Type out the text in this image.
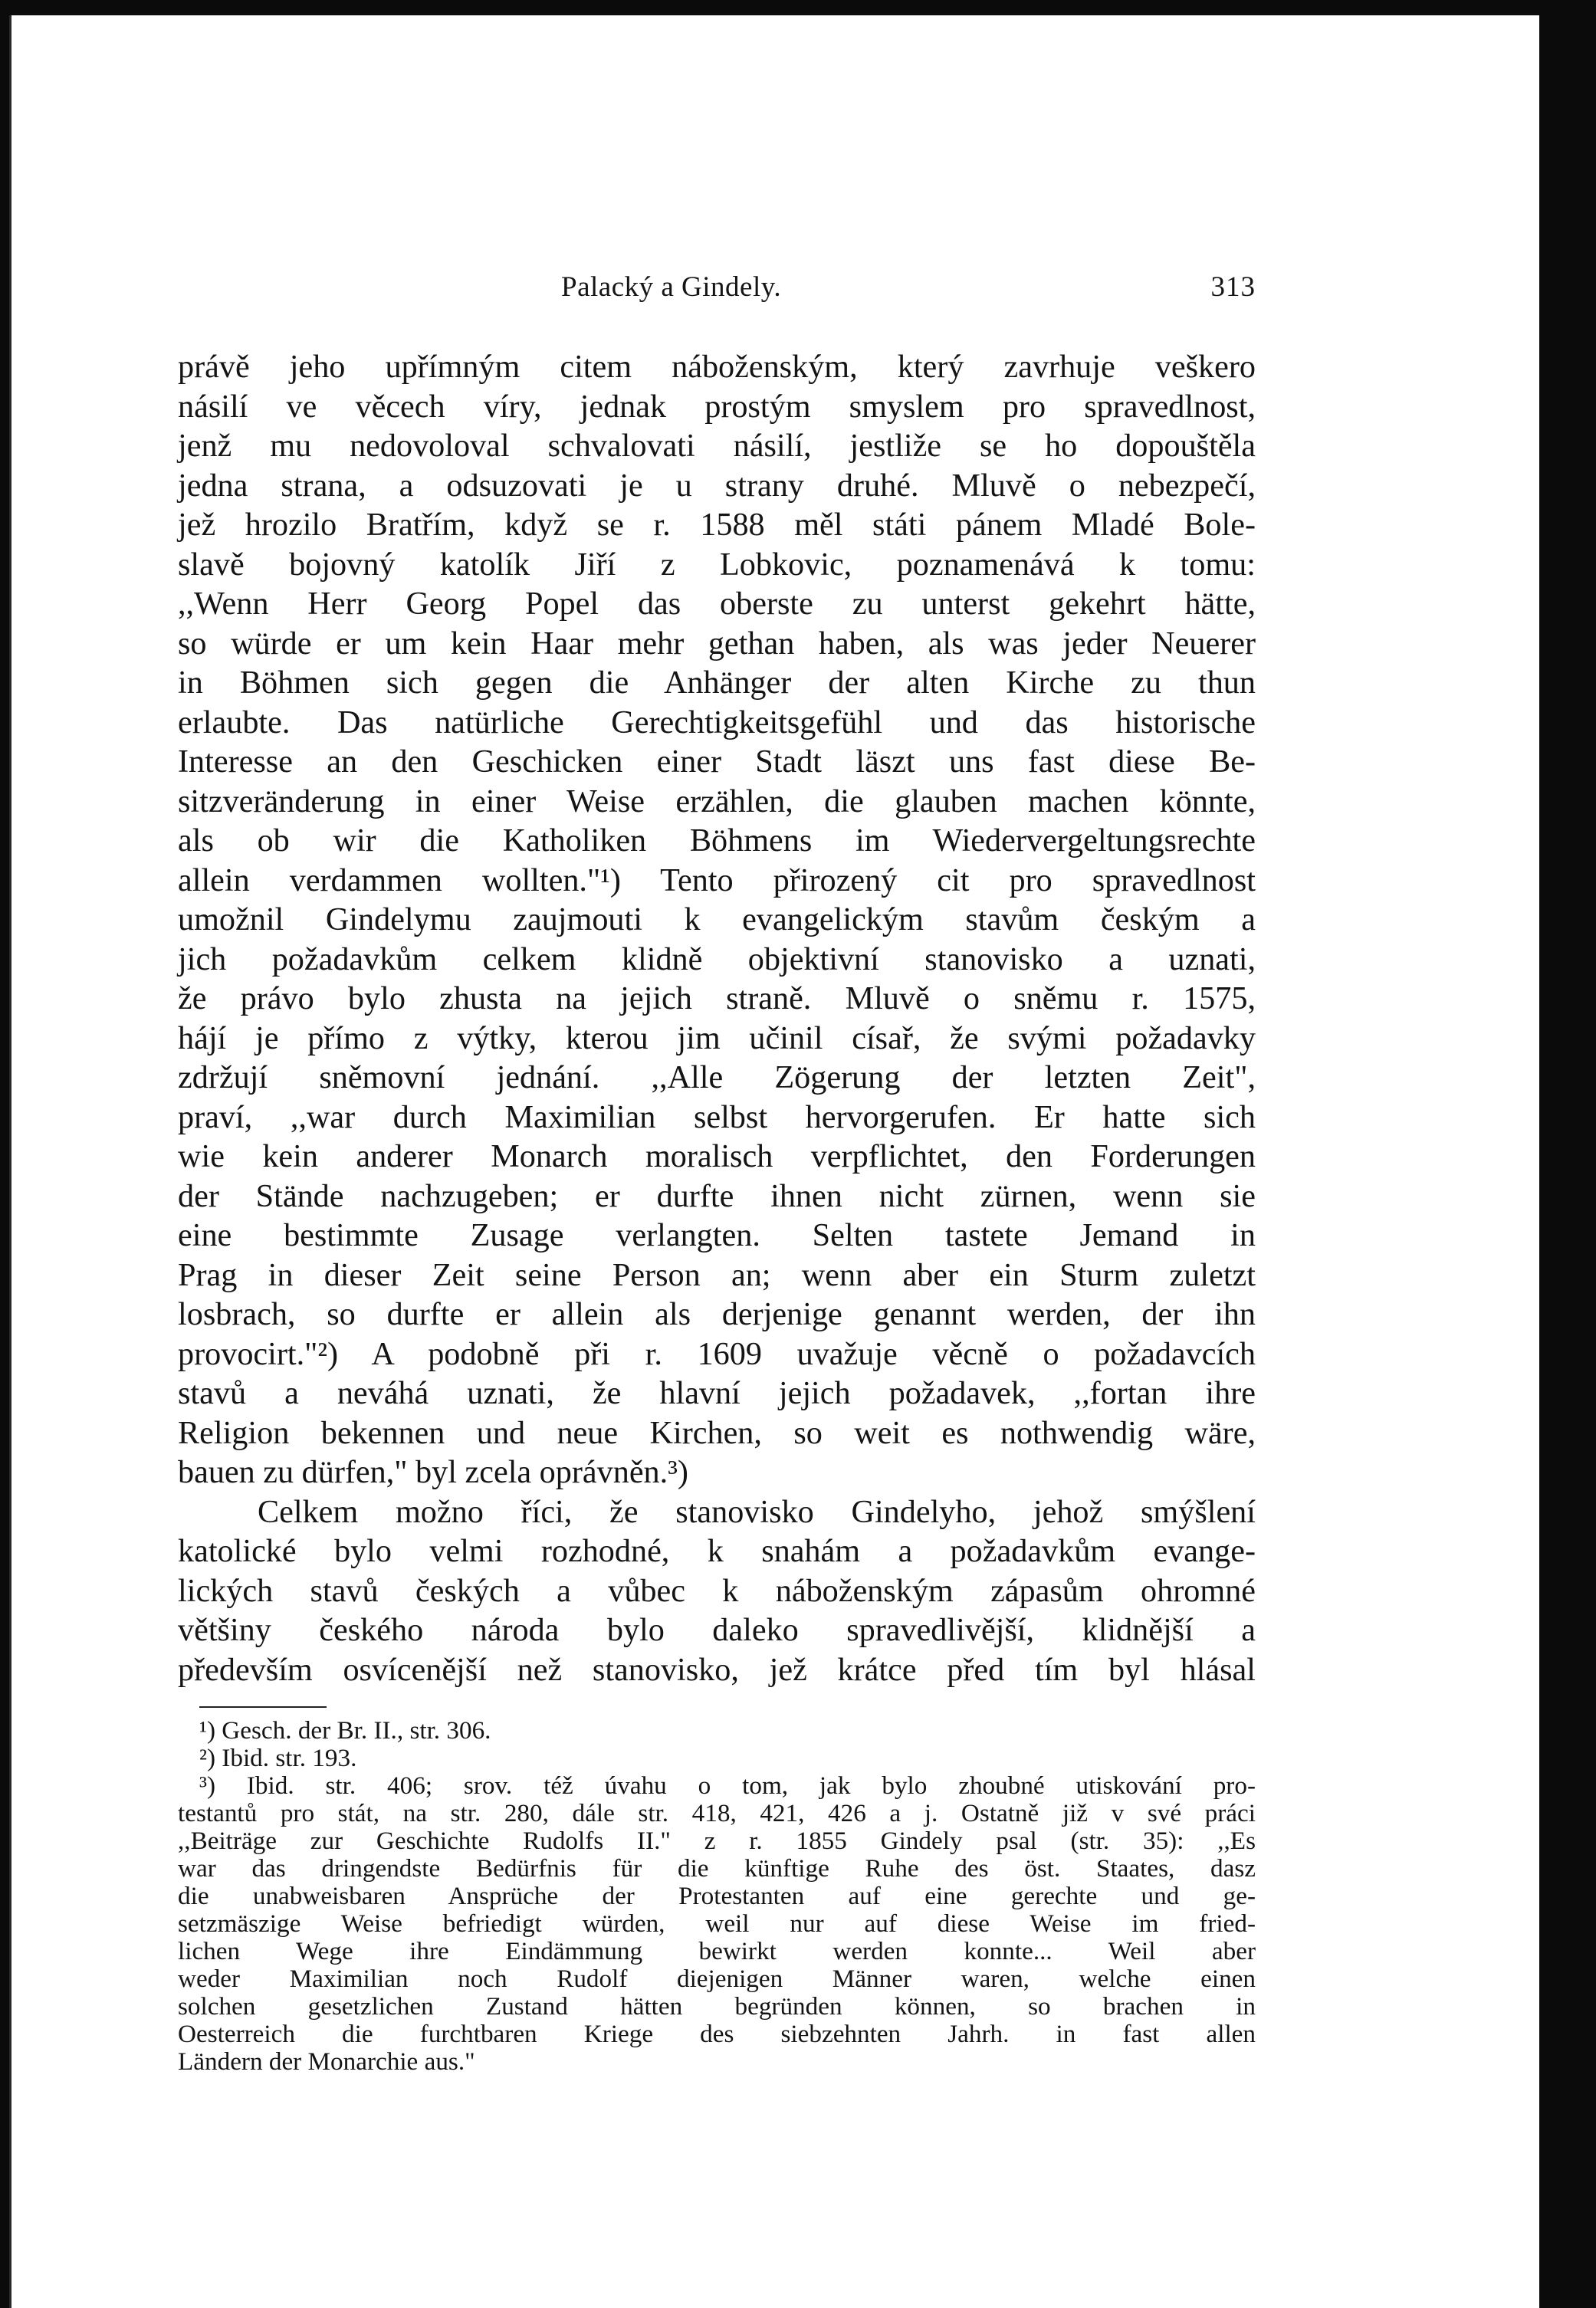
Palacký a Gindely.	313
právě jeho upřímným citem náboženským, který zavrhuje veškero
násilí ve věcech víry, jednak prostým smyslem pro spravedlnost,
jenž mu nedovoloval schvalovati násilí, jestliže se ho dopouštěla
jedna strana, a odsuzovati je u strany druhé. Mluvě o nebezpečí,
jež hrozilo Bratřím, když se r. 1588 měl státi pánem Mladé Bole-
slavě bojovný katolík Jiří z Lobkovic, poznamenává k tomu:
,,Wenn Herr Georg Popel das oberste zu unterst gekehrt hätte,
so würde er um kein Haar mehr gethan haben, als was jeder Neuerer
in Böhmen sich gegen die Anhänger der alten Kirche zu thun
erlaubte. Das natürliche Gerechtigkeitsgefühl und das historische
Interesse an den Geschicken einer Stadt läszt uns fast diese Be-
sitzveränderung in einer Weise erzählen, die glauben machen könnte,
als ob wir die Katholiken Böhmens im Wiedervergeltungsrechte
allein verdammen wollten."¹) Tento přirozený cit pro spravedlnost
umožnil Gindelymu zaujmouti k evangelickým stavům českým a
jich požadavkům celkem klidně objektivní stanovisko a uznati,
že právo bylo zhusta na jejich straně. Mluvě o sněmu r. 1575,
hájí je přímo z výtky, kterou jim učinil císař, že svými požadavky
zdržují sněmovní jednání. ,,Alle Zögerung der letzten Zeit",
praví, ,,war durch Maximilian selbst hervorgerufen. Er hatte sich
wie kein anderer Monarch moralisch verpflichtet, den Forderungen
der Stände nachzugeben; er durfte ihnen nicht zürnen, wenn sie
eine bestimmte Zusage verlangten. Selten tastete Jemand in
Prag in dieser Zeit seine Person an; wenn aber ein Sturm zuletzt
losbrach, so durfte er allein als derjenige genannt werden, der ihn
provocirt."²) A podobně při r. 1609 uvažuje věcně o požadavcích
stavů a neváhá uznati, že hlavní jejich požadavek, ,,fortan ihre
Religion bekennen und neue Kirchen, so weit es nothwendig wäre,
bauen zu dürfen," byl zcela oprávněn.³)
Celkem možno říci, že stanovisko Gindelyho, jehož smýšlení
katolické bylo velmi rozhodné, k snahám a požadavkům evange-
lických stavů českých a vůbec k náboženským zápasům ohromné
většiny českého národa bylo daleko spravedlivější, klidnější a
především osvícenější než stanovisko, jež krátce před tím byl hlásal
¹) Gesch. der Br. II., str. 306.
²) Ibid. str. 193.
³) Ibid. str. 406; srov. též úvahu o tom, jak bylo zhoubné utiskování pro-
testantů pro stát, na str. 280, dále str. 418, 421, 426 a j. Ostatně již v své práci
,,Beiträge zur Geschichte Rudolfs II." z r. 1855 Gindely psal (str. 35): ,,Es
war das dringendste Bedürfnis für die künftige Ruhe des öst. Staates, dasz
die unabweisbaren Ansprüche der Protestanten auf eine gerechte und ge-
setzmäszige Weise befriedigt würden, weil nur auf diese Weise im fried-
lichen Wege ihre Eindämmung bewirkt werden konnte... Weil aber
weder Maximilian noch Rudolf diejenigen Männer waren, welche einen
solchen gesetzlichen Zustand hätten begründen können, so brachen in
Oesterreich die furchtbaren Kriege des siebzehnten Jahrh. in fast allen
Ländern der Monarchie aus."
